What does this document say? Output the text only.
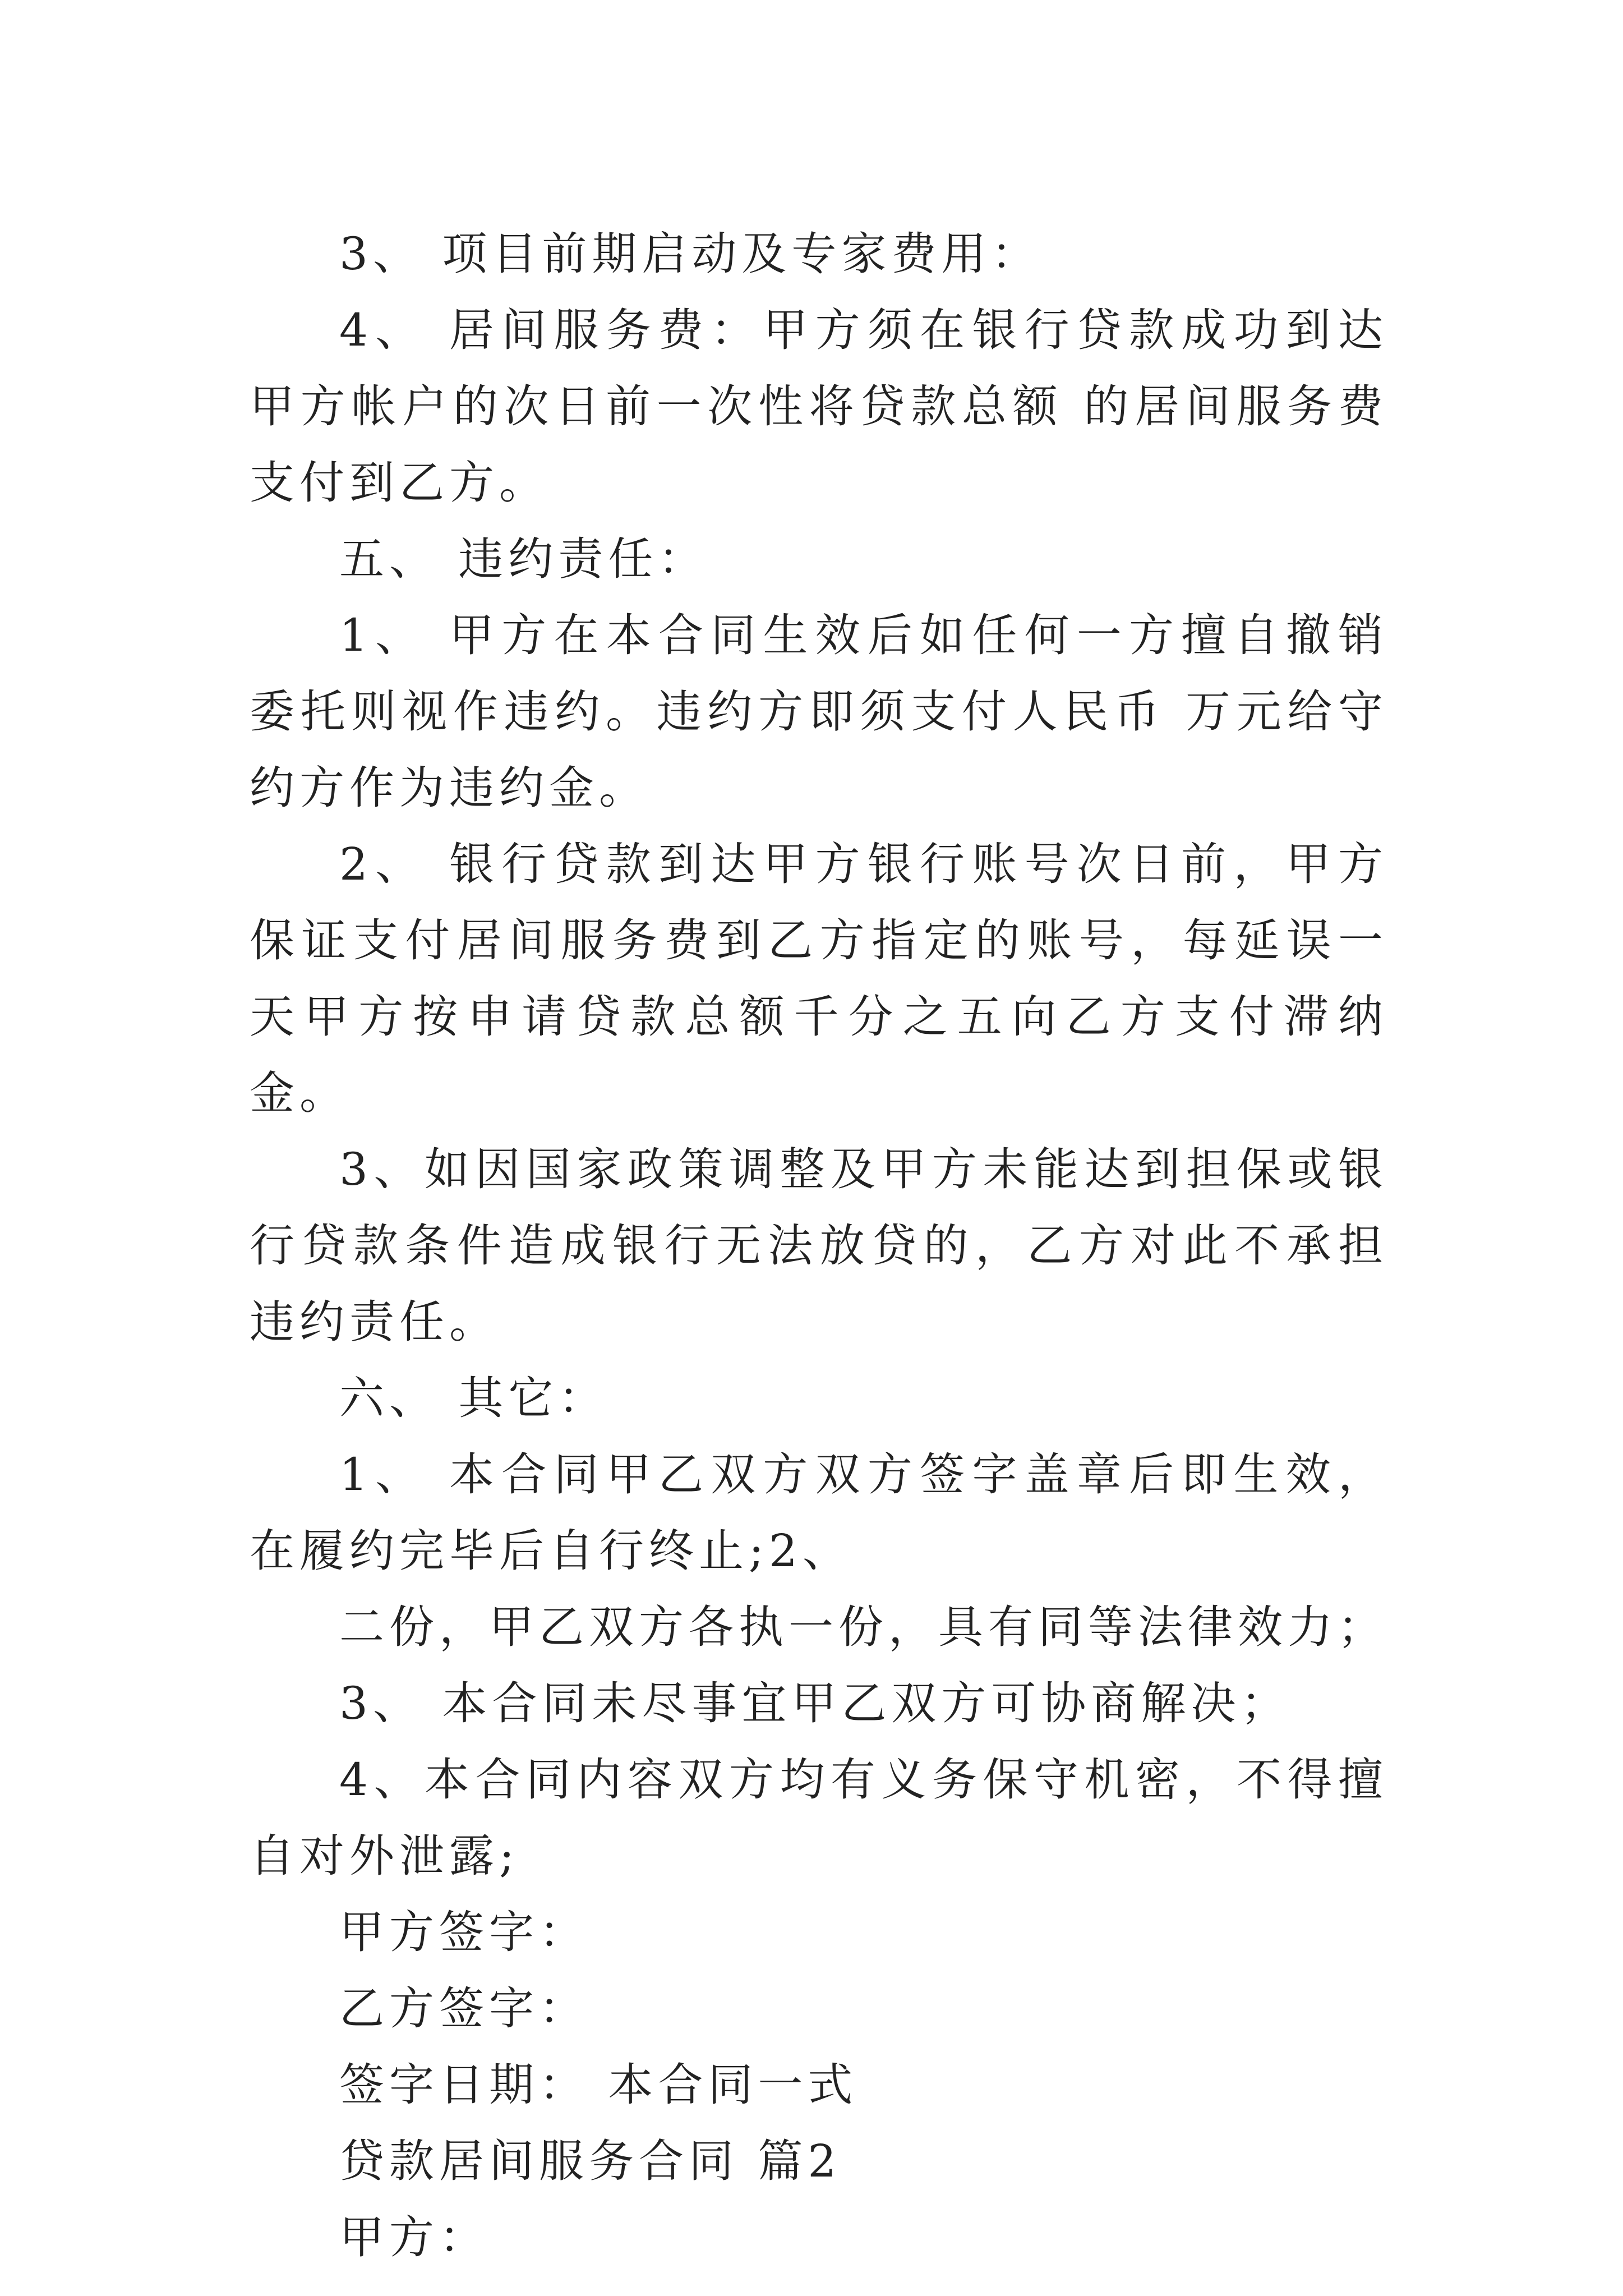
3、 项目前期启动及专家费用：

4、 居间服务费：甲方须在银行贷款成功到达甲方帐户的次日前一次性将贷款总额 的居间服务费支付到乙方。

五、 违约责任：

1、 甲方在本合同生效后如任何一方擅自撤销委托则视作违约。违约方即须支付人民币 万元给守约方作为违约金。

2、 银行贷款到达甲方银行账号次日前，甲方保证支付居间服务费到乙方指定的账号，每延误一天甲方按申请贷款总额千分之五向乙方支付滞纳金。

3、如因国家政策调整及甲方未能达到担保或银行贷款条件造成银行无法放贷的，乙方对此不承担违约责任。

六、 其它：

1、 本合同甲乙双方双方签字盖章后即生效，在履约完毕后自行终止;2、

二份，甲乙双方各执一份，具有同等法律效力；

3、 本合同未尽事宜甲乙双方可协商解决；

4、本合同内容双方均有义务保守机密，不得擅自对外泄露;

甲方签字：

乙方签字：

签字日期： 本合同一式

贷款居间服务合同 篇2

甲方：
